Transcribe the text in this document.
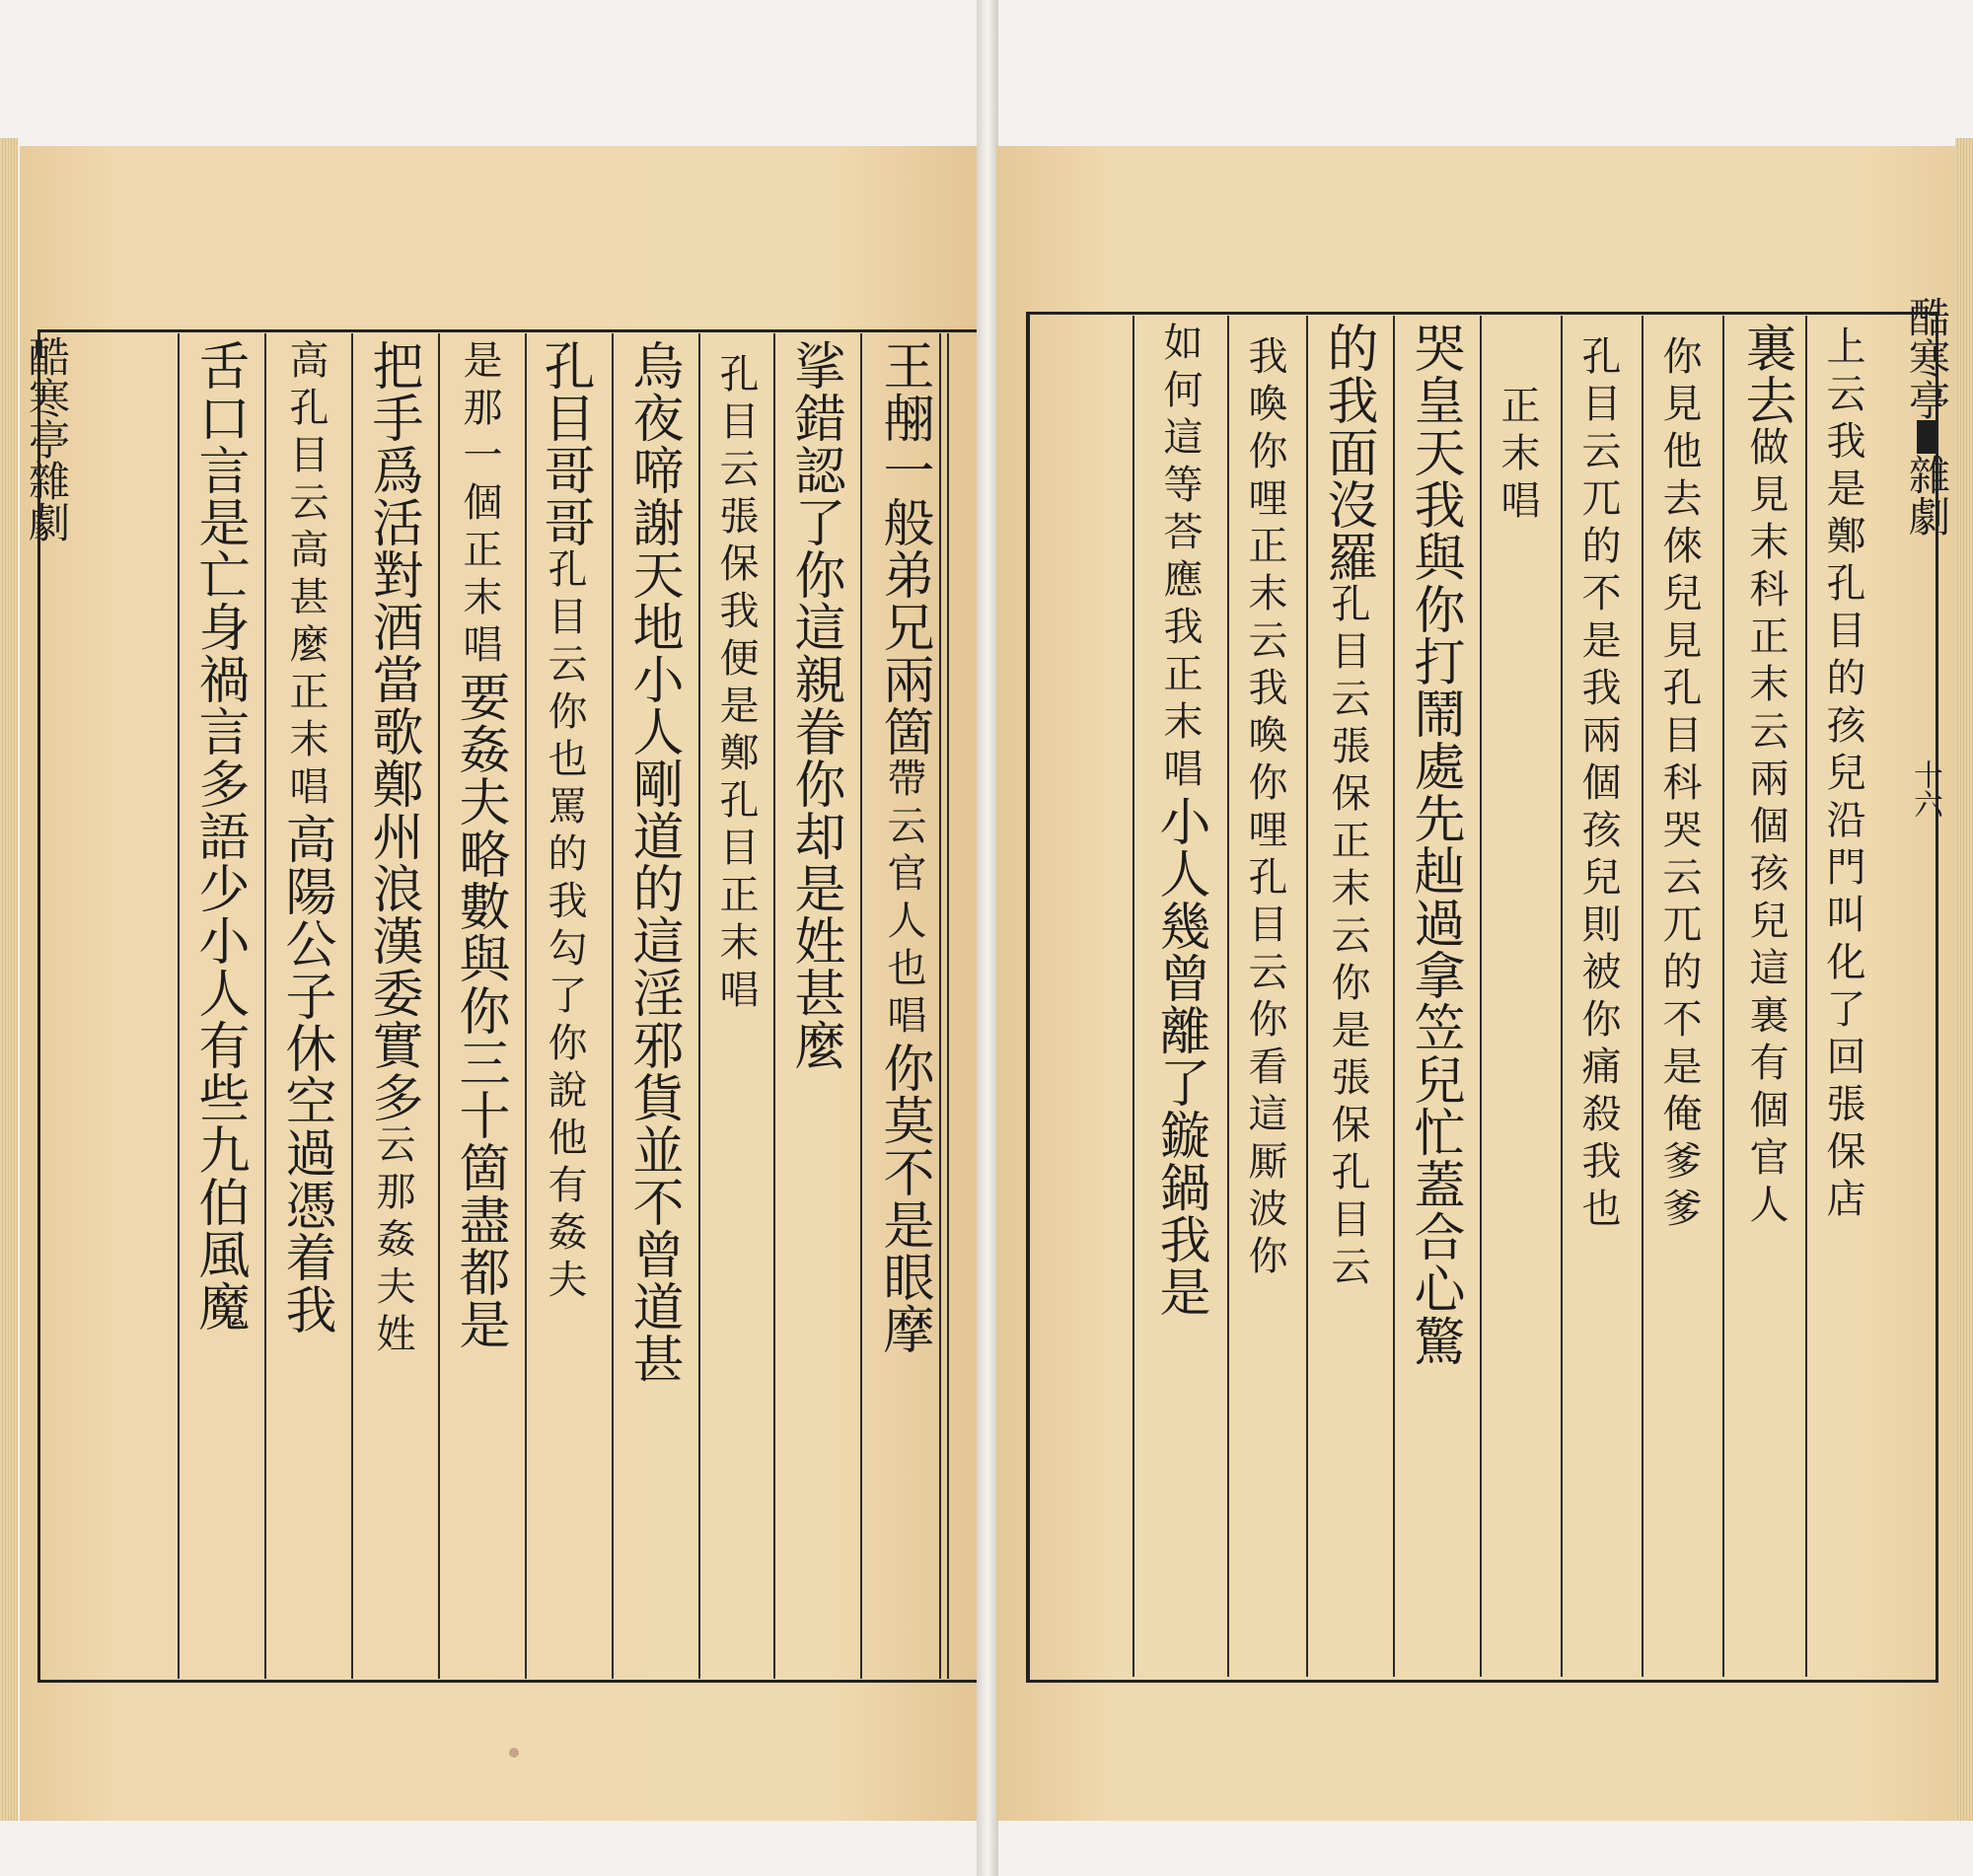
王䎃一般弟兄兩箇帶云官人也唱你莫不是眼摩
挲錯認了你這親眷你却是姓甚麼
孔目云張保我便是鄭孔目正末唱
烏夜啼謝天地小人剛道的這淫邪貨並不曾道甚
孔目哥哥孔目云你也罵的我勾了你說他有姦夫
是那一個正末唱要姦夫略數與你三十箇盡都是
把手爲活對酒當歌鄭州浪漢委實多云那姦夫姓
高孔目云高甚麼正末唱高陽公子休空過憑着我
舌口言是亡身禍言多語少小人有些九伯風魔
酷寒亭雜劇	上云我是鄭孔目的孩兒沿門叫化了回張保店
裏去做見末科正末云兩個孩兒這裏有個官人
你見他去倈兒見孔目科哭云兀的不是俺爹爹
孔目云兀的不是我兩個孩兒則被你痛殺我也
正末唱
哭皇天我與你打鬧處先赸過拿笠兒忙蓋合心驚
的我面沒羅孔目云張保正末云你是張保孔目云
我喚你哩正末云我喚你哩孔目云你看這厮波你
如何這等荅應我正末唱小人幾曾離了鏇鍋我是
酷寒亭雜劇
十六
